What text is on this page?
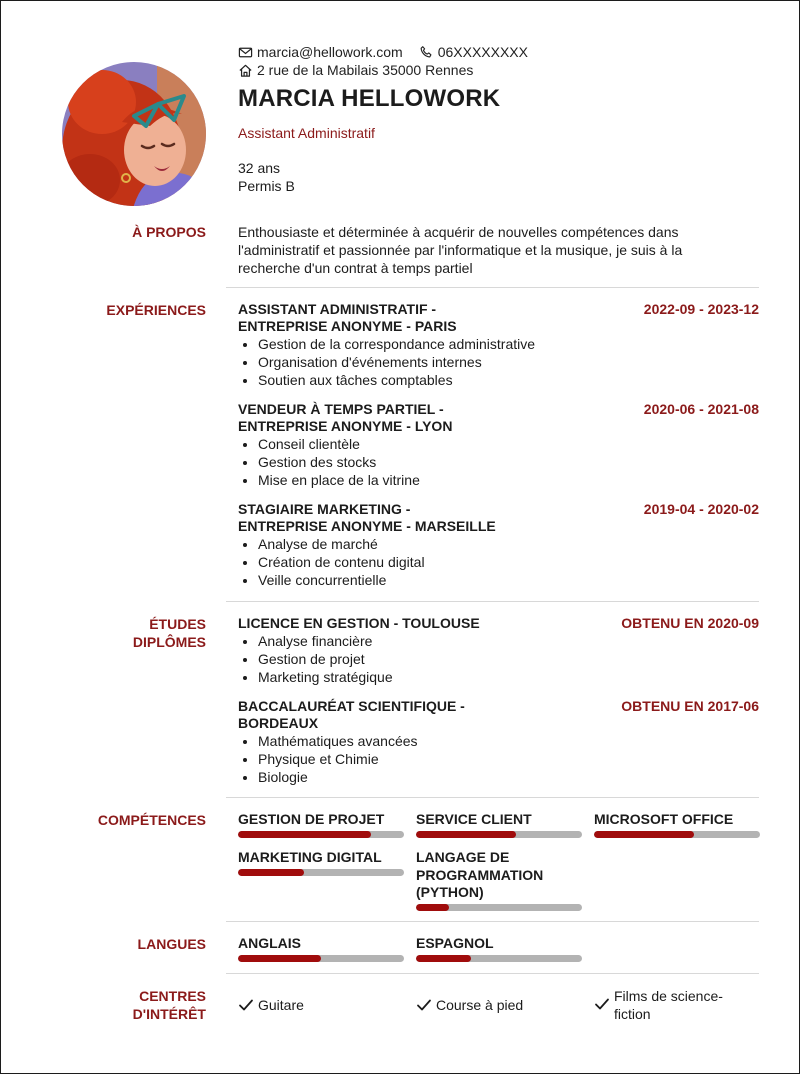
marcia@hellowork.com	06XXXXXXXX
2 rue de la Mabilais 35000 Rennes
MARCIA HELLOWORK
Assistant Administratif
32 ans
Permis B
À PROPOS Enthousiaste et déterminée à acquérir de nouvelles compétences dans l'administratif et passionnée par l'informatique et la musique, je suis à la recherche d'un contrat à temps partiel
EXPÉRIENCES ASSISTANT ADMINISTRATIF -
ENTREPRISE ANONYME - PARIS
2022-09 - 2023-12
• Gestion de la correspondance administrative
• Organisation d'événements internes
• Soutien aux tâches comptables
VENDEUR À TEMPS PARTIEL -
ENTREPRISE ANONYME - LYON
2020-06 - 2021-08
• Conseil clientèle
• Gestion des stocks
• Mise en place de la vitrine
STAGIAIRE MARKETING -
ENTREPRISE ANONYME - MARSEILLE
2019-04 - 2020-02
• Analyse de marché
• Création de contenu digital
• Veille concurrentielle
ÉTUDES
DIPLÔMES
LICENCE EN GESTION - TOULOUSE	OBTENU EN 2020-09
• Analyse financière
• Gestion de projet
• Marketing stratégique
BACCALAURÉAT SCIENTIFIQUE -
BORDEAUX
OBTENU EN 2017-06
• Mathématiques avancées
• Physique et Chimie
• Biologie
COMPÉTENCES GESTION DE PROJET	SERVICE CLIENT	MICROSOFT OFFICE
MARKETING DIGITAL	LANGAGE DE
PROGRAMMATION
(PYTHON)
LANGUES ANGLAIS	ESPAGNOL
CENTRES
D'INTÉRÊT
Guitare	Course à pied
Films de science-
fiction
